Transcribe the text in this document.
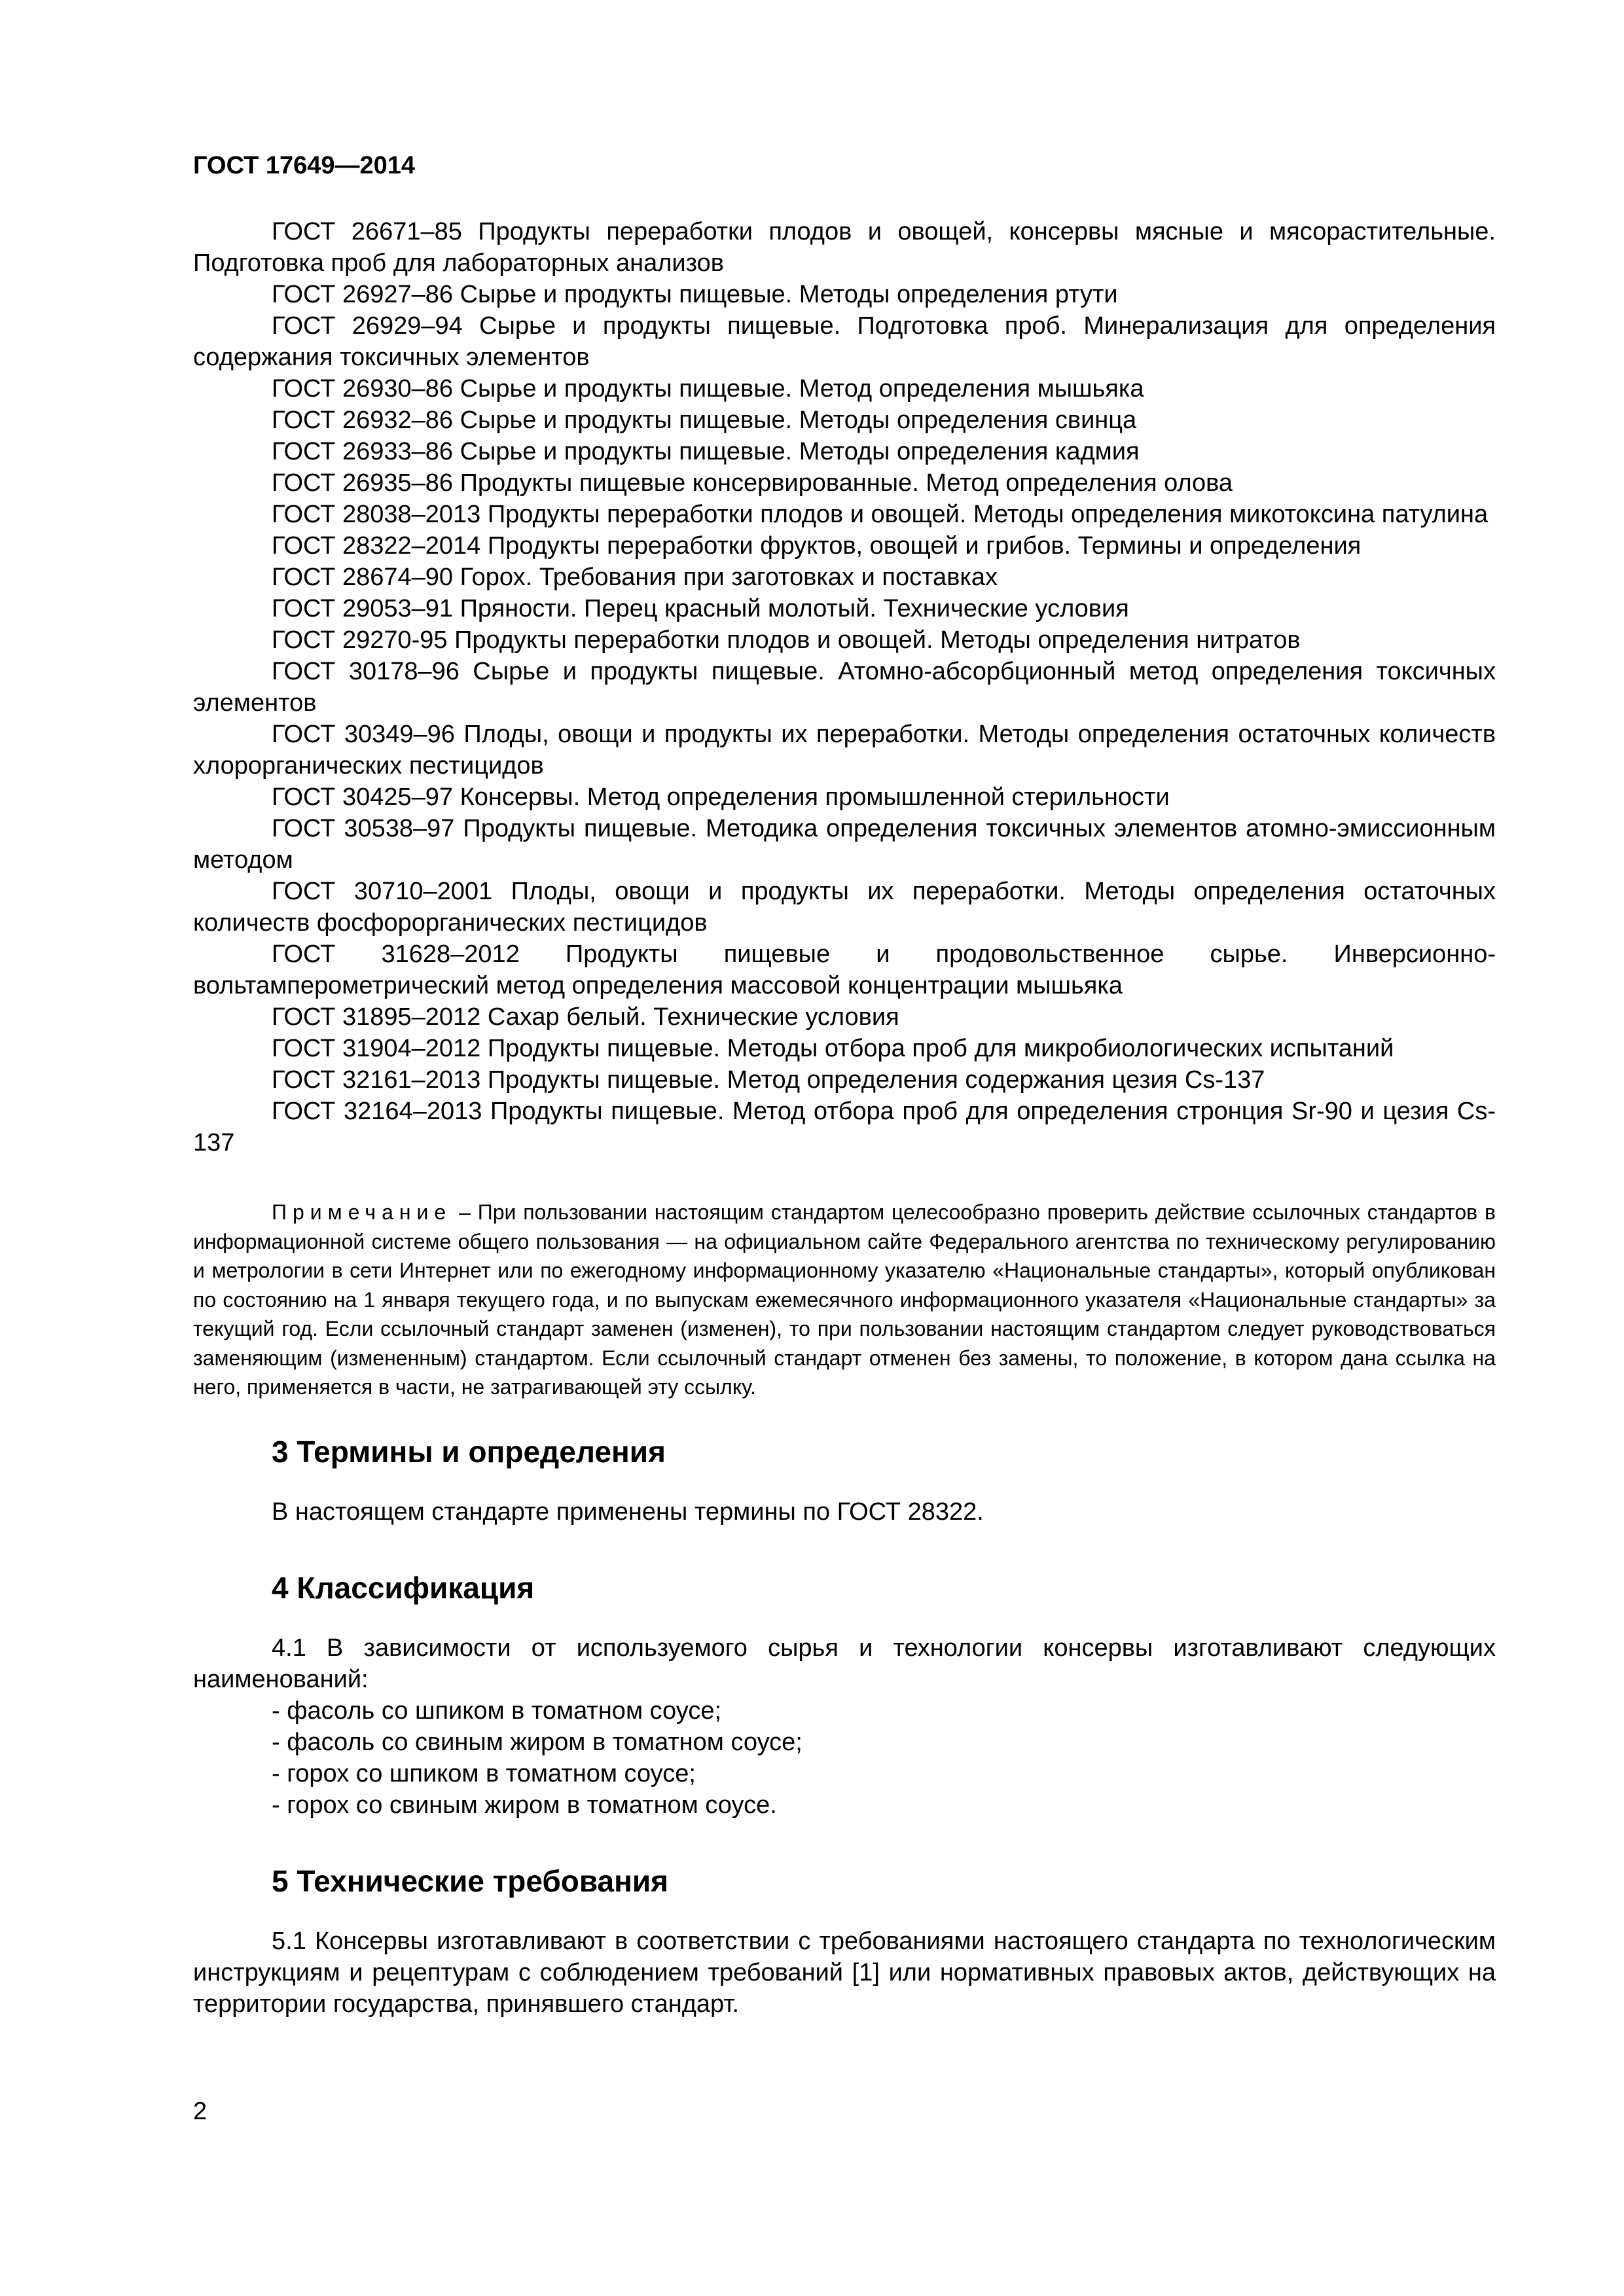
ГОСТ 17649—2014

ГОСТ 26671–85 Продукты переработки плодов и овощей, консервы мясные и мясорастительные. Подготовка проб для лабораторных анализов

ГОСТ 26927–86 Сырье и продукты пищевые. Методы определения ртути

ГОСТ 26929–94 Сырье и продукты пищевые. Подготовка проб. Минерализация для определения содержания токсичных элементов

ГОСТ 26930–86 Сырье и продукты пищевые. Метод определения мышьяка

ГОСТ 26932–86 Сырье и продукты пищевые. Методы определения свинца

ГОСТ 26933–86 Сырье и продукты пищевые. Методы определения кадмия

ГОСТ 26935–86 Продукты пищевые консервированные. Метод определения олова

ГОСТ 28038–2013 Продукты переработки плодов и овощей. Методы определения микотоксина патулина

ГОСТ 28322–2014 Продукты переработки фруктов, овощей и грибов. Термины и определения

ГОСТ 28674–90 Горох. Требования при заготовках и поставках

ГОСТ 29053–91 Пряности. Перец красный молотый. Технические условия

ГОСТ 29270-95 Продукты переработки плодов и овощей. Методы определения нитратов

ГОСТ 30178–96 Сырье и продукты пищевые. Атомно-абсорбционный метод определения токсичных элементов

ГОСТ 30349–96 Плоды, овощи и продукты их переработки. Методы определения остаточных количеств хлорорганических пестицидов

ГОСТ 30425–97 Консервы. Метод определения промышленной стерильности

ГОСТ 30538–97 Продукты пищевые. Методика определения токсичных элементов атомно-эмиссионным методом

ГОСТ 30710–2001 Плоды, овощи и продукты их переработки. Методы определения остаточных количеств фосфорорганических пестицидов

ГОСТ 31628–2012 Продукты пищевые и продовольственное сырье. Инверсионно-вольтамперометрический метод определения массовой концентрации мышьяка

ГОСТ 31895–2012 Сахар белый. Технические условия

ГОСТ 31904–2012 Продукты пищевые. Методы отбора проб для микробиологических испытаний

ГОСТ 32161–2013 Продукты пищевые. Метод определения содержания цезия Cs-137

ГОСТ 32164–2013 Продукты пищевые. Метод отбора проб для определения стронция Sr-90 и цезия Cs-137

Примечание – При пользовании настоящим стандартом целесообразно проверить действие ссылочных стандартов в информационной системе общего пользования — на официальном сайте Федерального агентства по техническому регулированию и метрологии в сети Интернет или по ежегодному информационному указателю «Национальные стандарты», который опубликован по состоянию на 1 января текущего года, и по выпускам ежемесячного информационного указателя «Национальные стандарты» за текущий год. Если ссылочный стандарт заменен (изменен), то при пользовании настоящим стандартом следует руководствоваться заменяющим (измененным) стандартом. Если ссылочный стандарт отменен без замены, то положение, в котором дана ссылка на него, применяется в части, не затрагивающей эту ссылку.

3 Термины и определения

В настоящем стандарте применены термины по ГОСТ 28322.

4 Классификация

4.1 В зависимости от используемого сырья и технологии консервы изготавливают следующих наименований:

- фасоль со шпиком в томатном соусе;
- фасоль со свиным жиром в томатном соусе;
- горох со шпиком в томатном соусе;
- горох со свиным жиром в томатном соусе.
5 Технические требования

5.1 Консервы изготавливают в соответствии с требованиями настоящего стандарта по технологическим инструкциям и рецептурам с соблюдением требований [1] или нормативных правовых актов, действующих на территории государства, принявшего стандарт.

2
